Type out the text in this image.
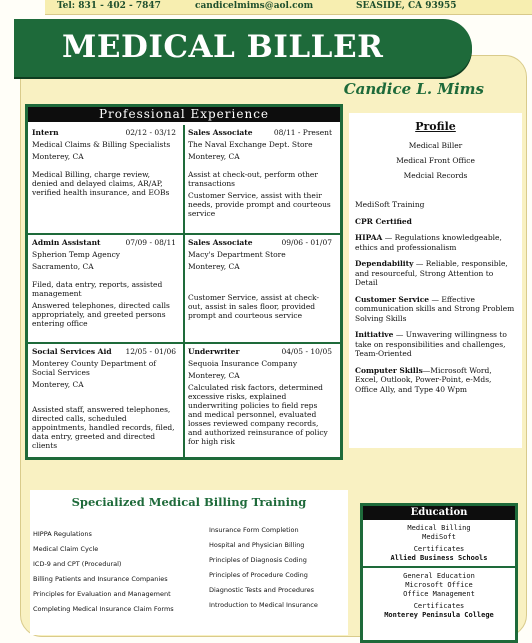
Tel: 831 - 402 - 7847	candicelmims@aol.com	SEASIDE, CA 93955
MEDICAL BILLER
Candice L. Mims
Professional Experience
Intern	02/12 - 03/12

Medical Claims & Billing Specialists

Monterey, CA

Medical Billing, charge review, denied and delayed claims, AR/AP, verified health insurance, and EOBs

Sales Associate	08/11 - Present

The Naval Exchange Dept. Store

Monterey, CA

Assist at check-out, perform other transactions

Customer Service, assist with their needs, provide prompt and courteous service

Admin Assistant	07/09 - 08/11

Spherion Temp Agency

Sacramento, CA

Filed, data entry, reports, assisted management

Answered telephones, directed calls appropriately, and greeted persons entering office

Sales Associate	09/06 - 01/07

Macy's Department Store

Monterey, CA

Customer Service, assist at check-out, assist in sales floor, provided prompt and courteous service

Social Services Aid 12/05 - 01/06

Monterey County Department of Social Services

Monterey, CA

Assisted staff, answered telephones, directed calls, scheduled appointments, handled records, filed, data entry, greeted and directed clients

Underwriter	04/05 - 10/05

Sequoia Insurance Company

Monterey, CA

Calculated risk factors, determined excessive risks, explained underwriting policies to field reps and medical personnel, evaluated losses reviewed company records, and authorized reinsurance of policy for high risk

Profile
Medical Biller
Medical Front Office
Medcial Records
MediSoft Training
CPR Certified
HIPAA — Regulations knowledgeable, ethics and professionalism
Dependability — Reliable, responsible, and resourceful, Strong Attention to Detail
Customer Service — Effective communication skills and Strong Problem Solving Skills
Initiative — Unwavering willingness to take on responsibilities and challenges, Team-Oriented
Computer Skills—Microsoft Word, Excel, Outlook, Power-Point, e-Mds, Office Ally, and Type 40 Wpm
Specialized Medical Billing Training
HIPPA Regulations
Medical Claim Cycle
ICD-9 and CPT (Procedural)
Billing Patients and Insurance Companies
Principles for Evaluation and Management
Completing Medical Insurance Claim Forms
Insurance Form Completion
Hospital and Physician Billing
Principles of Diagnosis Coding
Principles of Procedure Coding
Diagnostic Tests and Procedures
Introduction to Medical Insurance
Education
Medical Billing
MediSoft
Certificates
Allied Business Schools
General Education
Microsoft Office
Office Management
Certificates
Monterey Peninsula College
